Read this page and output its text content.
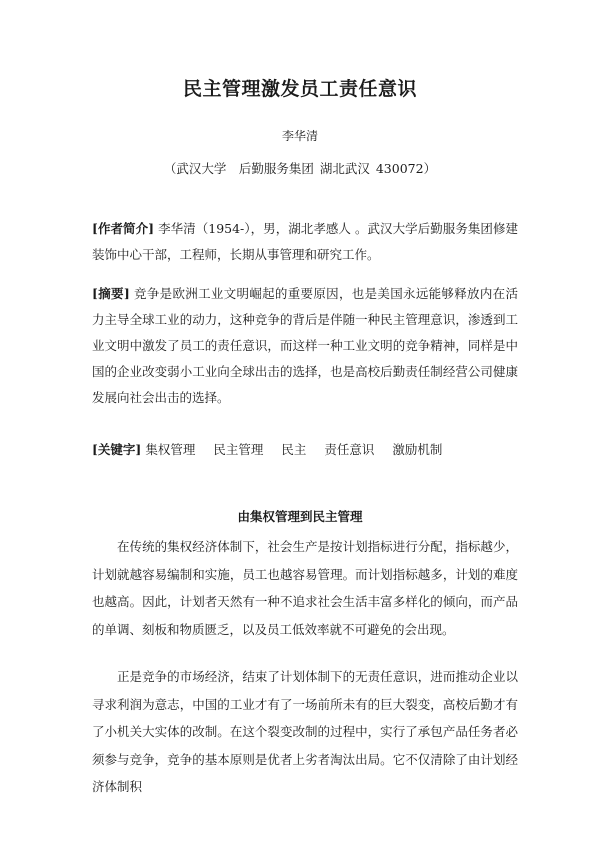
民主管理激发员工责任意识

李华清

（武汉大学　后勤服务集团 湖北武汉 430072）

[作者简介] 李华清（1954-），男，湖北孝感人 。武汉大学后勤服务集团修建装饰中心干部，工程师，长期从事管理和研究工作。

[摘要] 竞争是欧洲工业文明崛起的重要原因，也是美国永远能够释放内在活力主导全球工业的动力，这种竞争的背后是伴随一种民主管理意识，渗透到工业文明中激发了员工的责任意识，而这样一种工业文明的竞争精神，同样是中国的企业改变弱小工业向全球出击的选择，也是高校后勤责任制经营公司健康发展向社会出击的选择。

[关键字] 集权管理 民主管理 民主 责任意识 激励机制

由集权管理到民主管理

在传统的集权经济体制下，社会生产是按计划指标进行分配，指标越少，计划就越容易编制和实施，员工也越容易管理。而计划指标越多，计划的难度也越高。因此，计划者天然有一种不追求社会生活丰富多样化的倾向，而产品的单调、刻板和物质匮乏，以及员工低效率就不可避免的会出现。

正是竞争的市场经济，结束了计划体制下的无责任意识，进而推动企业以寻求利润为意志，中国的工业才有了一场前所未有的巨大裂变，高校后勤才有了小机关大实体的改制。在这个裂变改制的过程中，实行了承包产品任务者必须参与竞争，竞争的基本原则是优者上劣者淘汰出局。它不仅清除了由计划经济体制积
